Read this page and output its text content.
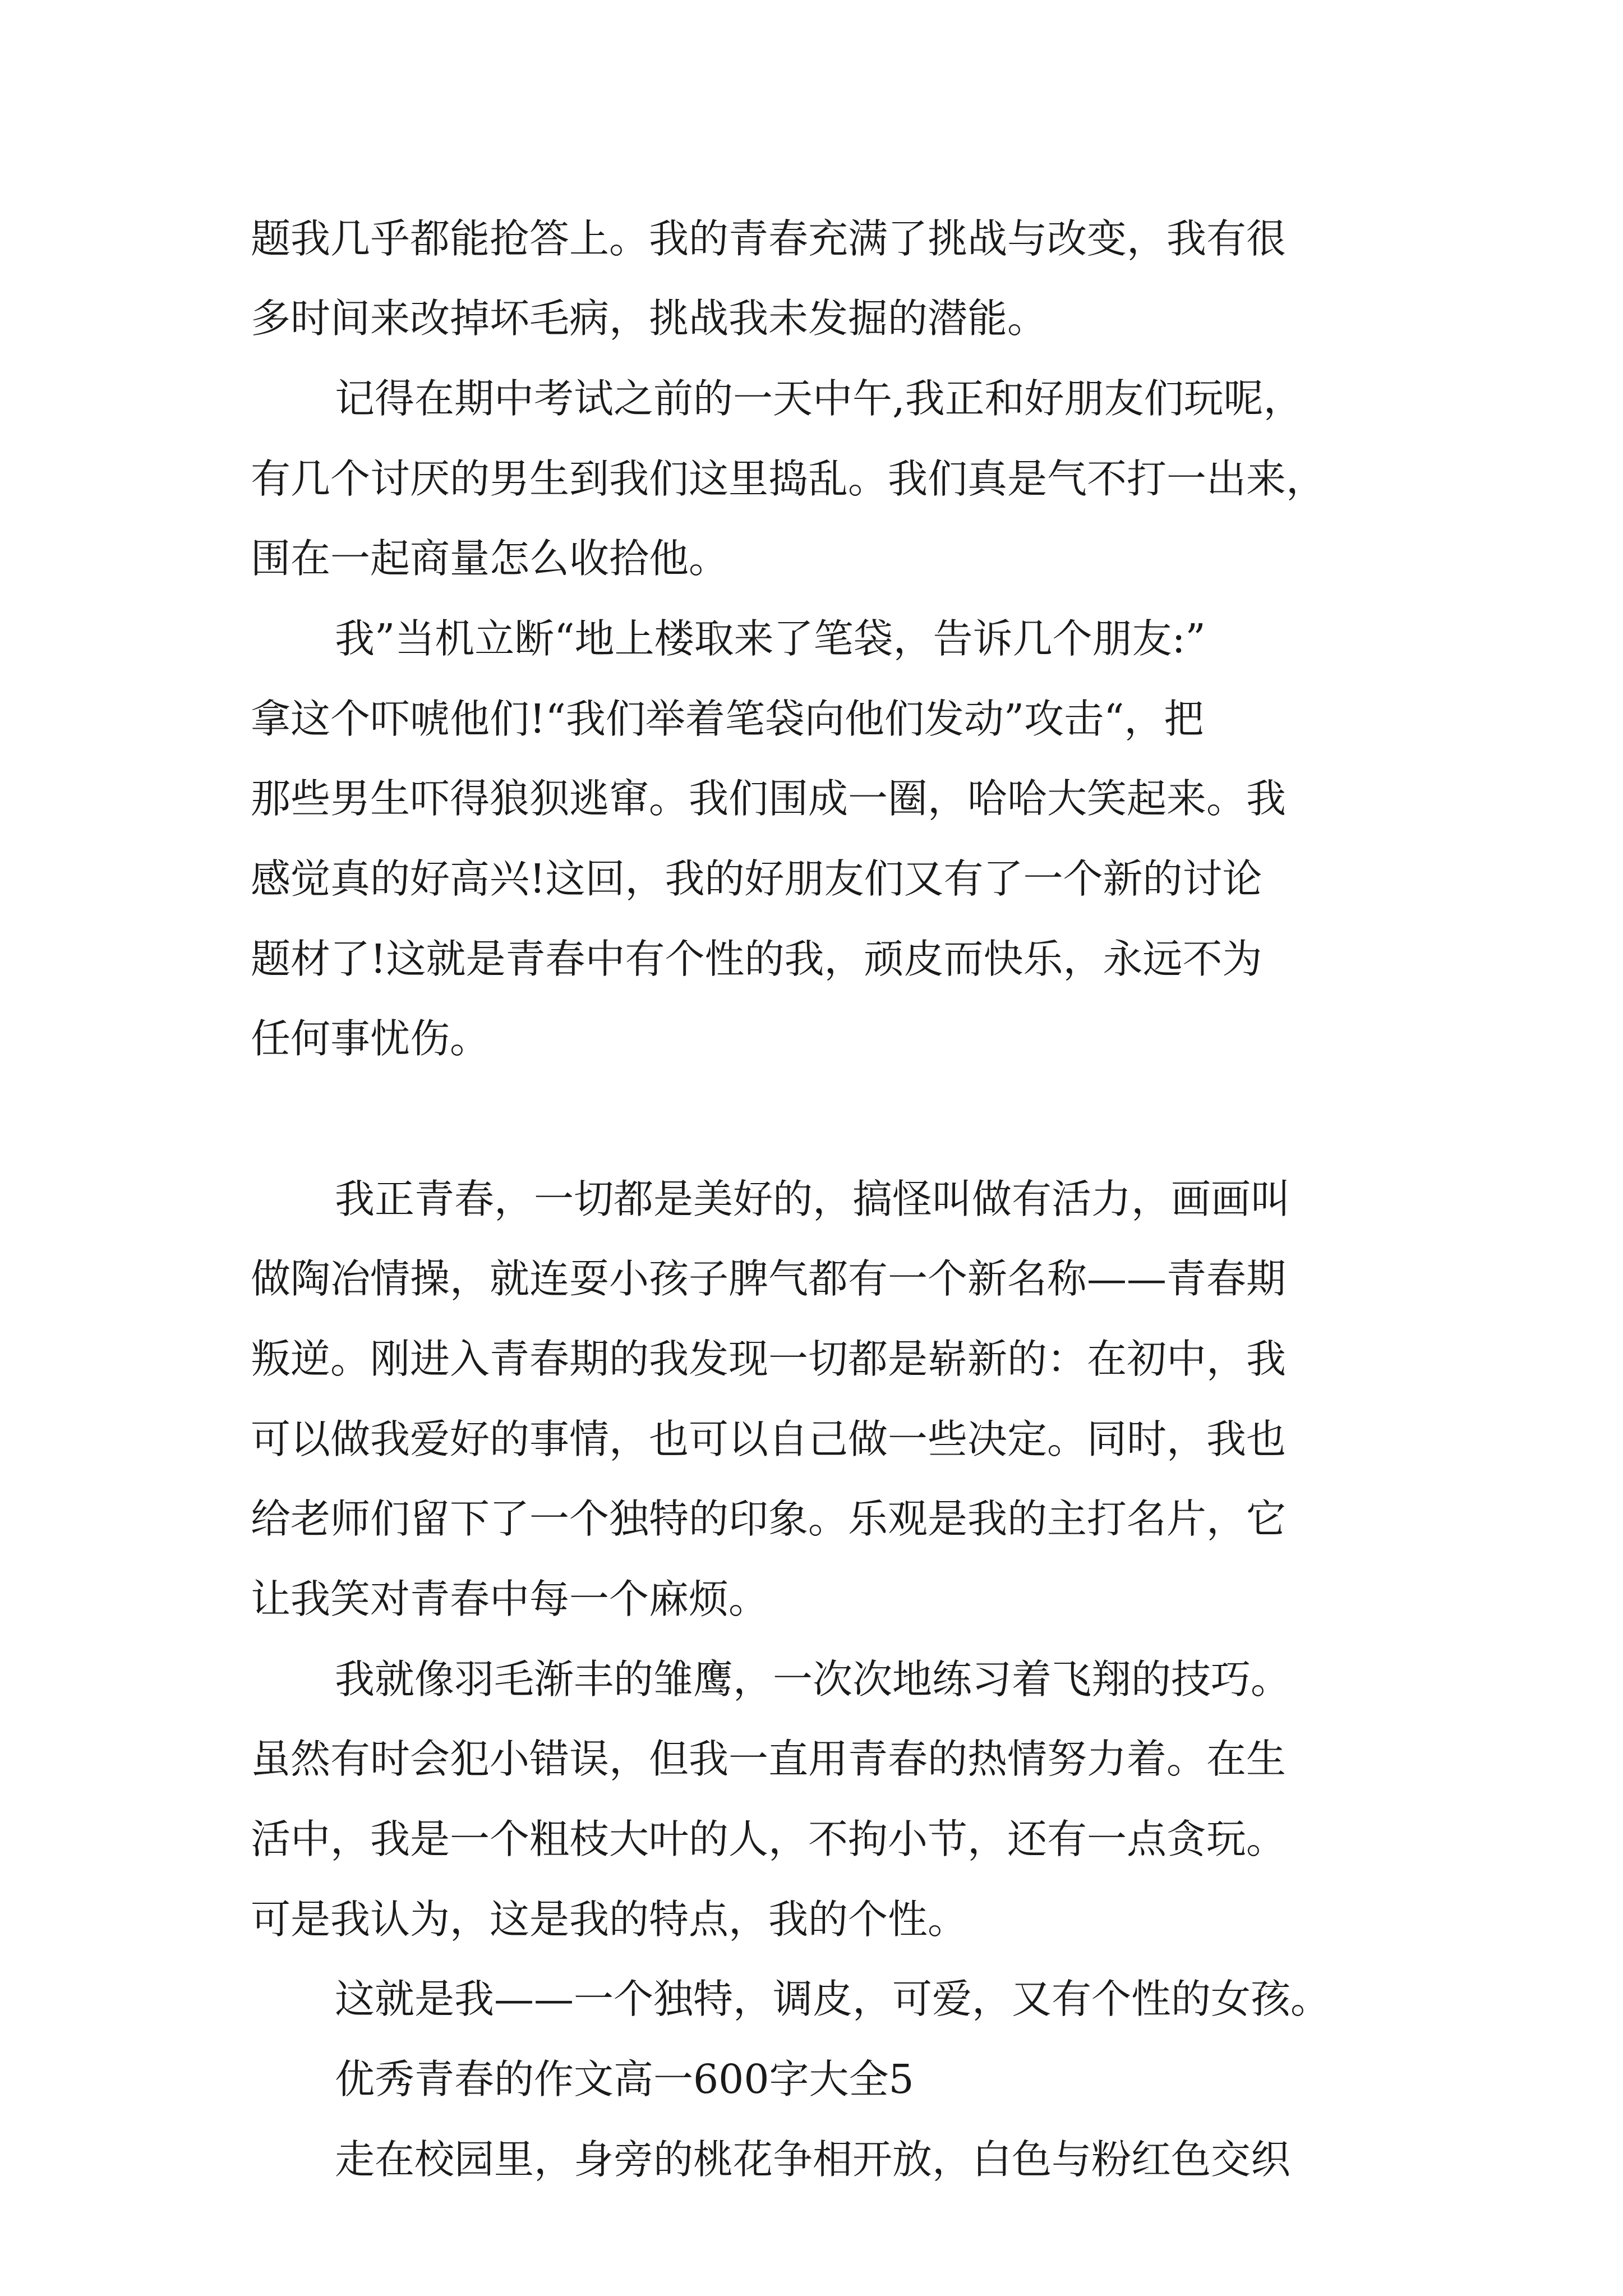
题我几乎都能抢答上。我的青春充满了挑战与改变，我有很

多时间来改掉坏毛病，挑战我未发掘的潜能。

记得在期中考试之前的一天中午,我正和好朋友们玩呢，

有几个讨厌的男生到我们这里捣乱。我们真是气不打一出来，

围在一起商量怎么收拾他。

我”当机立断“地上楼取来了笔袋，告诉几个朋友:”

拿这个吓唬他们!“我们举着笔袋向他们发动”攻击“，把

那些男生吓得狼狈逃窜。我们围成一圈，哈哈大笑起来。我

感觉真的好高兴!这回，我的好朋友们又有了一个新的讨论

题材了!这就是青春中有个性的我，顽皮而快乐，永远不为

任何事忧伤。

我正青春，一切都是美好的，搞怪叫做有活力，画画叫

做陶冶情操，就连耍小孩子脾气都有一个新名称——青春期

叛逆。刚进入青春期的我发现一切都是崭新的：在初中，我

可以做我爱好的事情，也可以自己做一些决定。同时，我也

给老师们留下了一个独特的印象。乐观是我的主打名片，它

让我笑对青春中每一个麻烦。

我就像羽毛渐丰的雏鹰，一次次地练习着飞翔的技巧。

虽然有时会犯小错误，但我一直用青春的热情努力着。在生

活中，我是一个粗枝大叶的人，不拘小节，还有一点贪玩。

可是我认为，这是我的特点，我的个性。

这就是我——一个独特，调皮，可爱，又有个性的女孩。

优秀青春的作文高一600字大全5

走在校园里，身旁的桃花争相开放，白色与粉红色交织
